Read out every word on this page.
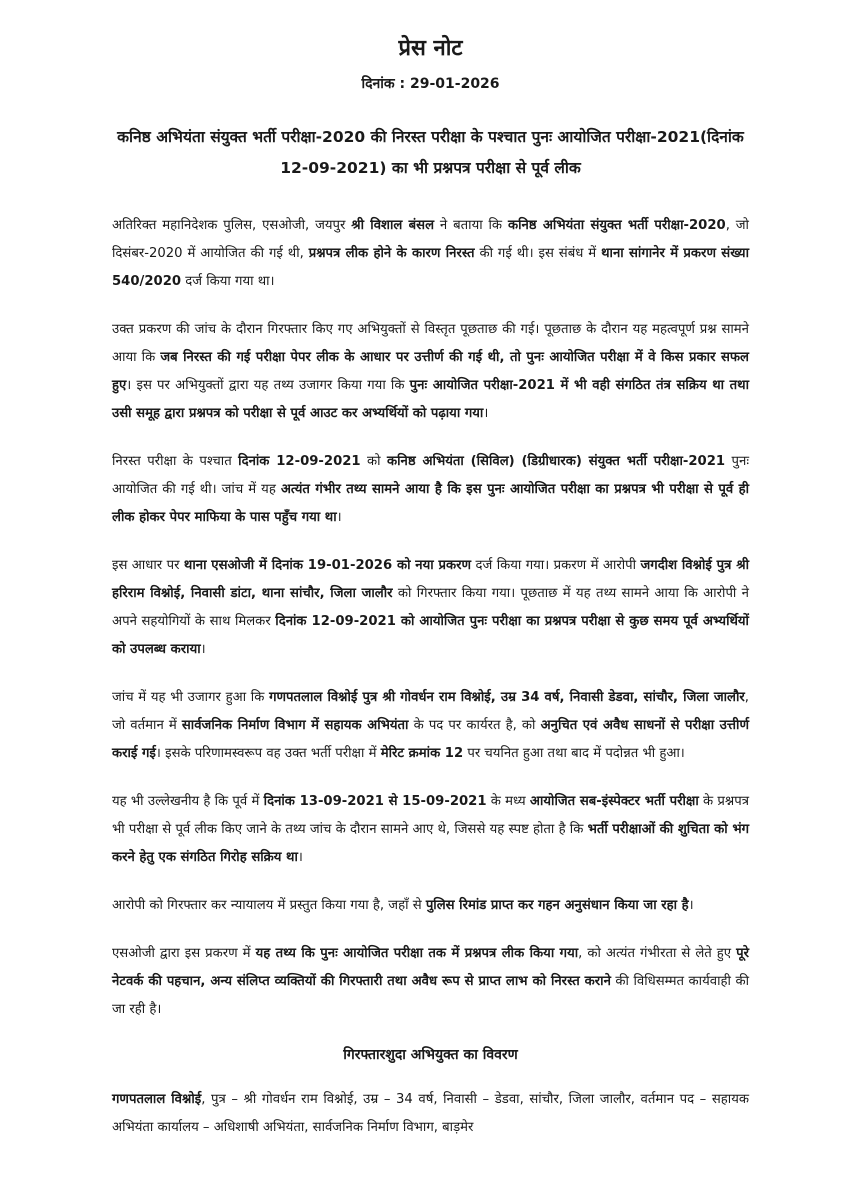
प्रेस नोट
दिनांक : 29-01-2026
कनिष्ठ अभियंता संयुक्त भर्ती परीक्षा-2020 की निरस्त परीक्षा के पश्चात पुनः आयोजित परीक्षा-2021(दिनांक 12-09-2021) का भी प्रश्नपत्र परीक्षा से पूर्व लीक

अतिरिक्त महानिदेशक पुलिस, एसओजी, जयपुर श्री विशाल बंसल ने बताया कि कनिष्ठ अभियंता संयुक्त भर्ती परीक्षा-2020, जो दिसंबर-2020 में आयोजित की गई थी, प्रश्नपत्र लीक होने के कारण निरस्त की गई थी। इस संबंध में थाना सांगानेर में प्रकरण संख्या 540/2020 दर्ज किया गया था।

उक्त प्रकरण की जांच के दौरान गिरफ्तार किए गए अभियुक्तों से विस्तृत पूछताछ की गई। पूछताछ के दौरान यह महत्वपूर्ण प्रश्न सामने आया कि जब निरस्त की गई परीक्षा पेपर लीक के आधार पर उत्तीर्ण की गई थी, तो पुनः आयोजित परीक्षा में वे किस प्रकार सफल हुए। इस पर अभियुक्तों द्वारा यह तथ्य उजागर किया गया कि पुनः आयोजित परीक्षा-2021 में भी वही संगठित तंत्र सक्रिय था तथा उसी समूह द्वारा प्रश्नपत्र को परीक्षा से पूर्व आउट कर अभ्यर्थियों को पढ़ाया गया।

निरस्त परीक्षा के पश्चात दिनांक 12-09-2021 को कनिष्ठ अभियंता (सिविल) (डिग्रीधारक) संयुक्त भर्ती परीक्षा-2021 पुनः आयोजित की गई थी। जांच में यह अत्यंत गंभीर तथ्य सामने आया है कि इस पुनः आयोजित परीक्षा का प्रश्नपत्र भी परीक्षा से पूर्व ही लीक होकर पेपर माफिया के पास पहुँच गया था।

इस आधार पर थाना एसओजी में दिनांक 19-01-2026 को नया प्रकरण दर्ज किया गया। प्रकरण में आरोपी जगदीश विश्नोई पुत्र श्री हरिराम विश्नोई, निवासी डांटा, थाना सांचौर, जिला जालौर को गिरफ्तार किया गया। पूछताछ में यह तथ्य सामने आया कि आरोपी ने अपने सहयोगियों के साथ मिलकर दिनांक 12-09-2021 को आयोजित पुनः परीक्षा का प्रश्नपत्र परीक्षा से कुछ समय पूर्व अभ्यर्थियों को उपलब्ध कराया।

जांच में यह भी उजागर हुआ कि गणपतलाल विश्नोई पुत्र श्री गोवर्धन राम विश्नोई, उम्र 34 वर्ष, निवासी डेडवा, सांचौर, जिला जालौर, जो वर्तमान में सार्वजनिक निर्माण विभाग में सहायक अभियंता के पद पर कार्यरत है, को अनुचित एवं अवैध साधनों से परीक्षा उत्तीर्ण कराई गई। इसके परिणामस्वरूप वह उक्त भर्ती परीक्षा में मेरिट क्रमांक 12 पर चयनित हुआ तथा बाद में पदोन्नत भी हुआ।

यह भी उल्लेखनीय है कि पूर्व में दिनांक 13-09-2021 से 15-09-2021 के मध्य आयोजित सब-इंस्पेक्टर भर्ती परीक्षा के प्रश्नपत्र भी परीक्षा से पूर्व लीक किए जाने के तथ्य जांच के दौरान सामने आए थे, जिससे यह स्पष्ट होता है कि भर्ती परीक्षाओं की शुचिता को भंग करने हेतु एक संगठित गिरोह सक्रिय था।

आरोपी को गिरफ्तार कर न्यायालय में प्रस्तुत किया गया है, जहाँ से पुलिस रिमांड प्राप्त कर गहन अनुसंधान किया जा रहा है।

एसओजी द्वारा इस प्रकरण में यह तथ्य कि पुनः आयोजित परीक्षा तक में प्रश्नपत्र लीक किया गया, को अत्यंत गंभीरता से लेते हुए पूरे नेटवर्क की पहचान, अन्य संलिप्त व्यक्तियों की गिरफ्तारी तथा अवैध रूप से प्राप्त लाभ को निरस्त कराने की विधिसम्मत कार्यवाही की जा रही है।

गिरफ्तारशुदा अभियुक्त का विवरण

गणपतलाल विश्नोई, पुत्र – श्री गोवर्धन राम विश्नोई, उम्र – 34 वर्ष, निवासी – डेडवा, सांचौर, जिला जालौर, वर्तमान पद – सहायक अभियंता कार्यालय – अधिशाषी अभियंता, सार्वजनिक निर्माण विभाग, बाड़मेर
